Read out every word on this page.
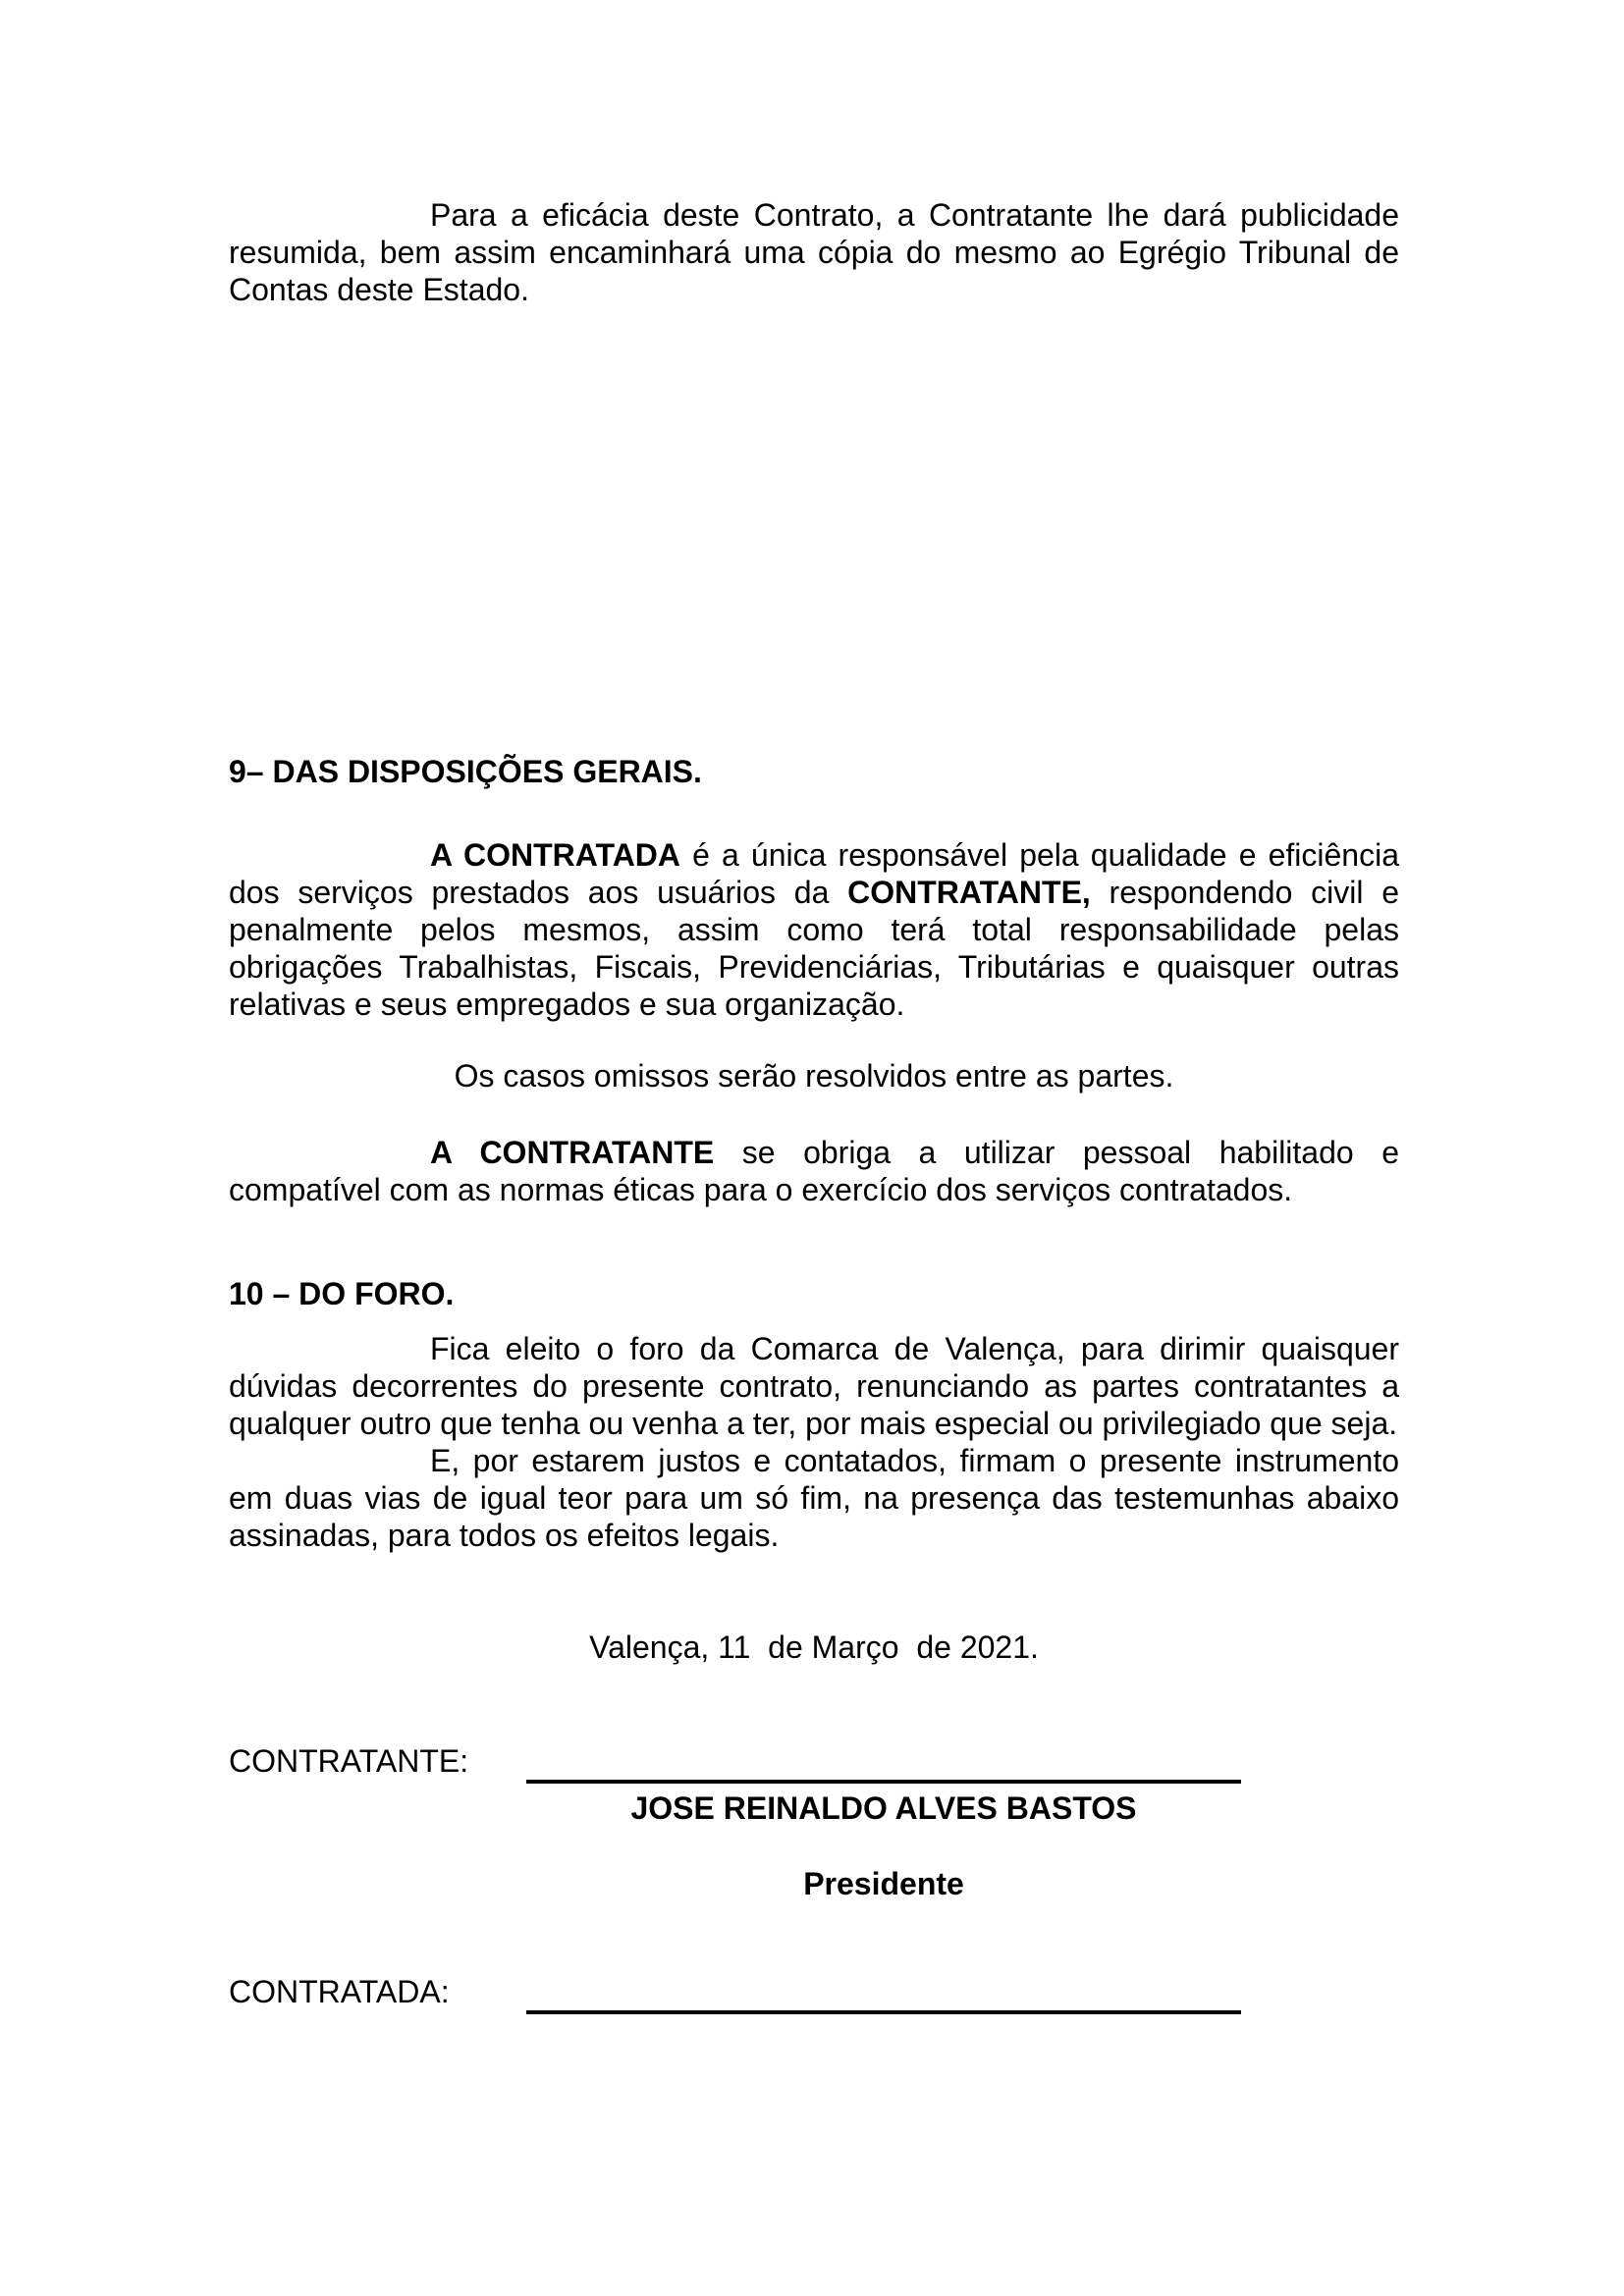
Para a eficácia deste Contrato, a Contratante lhe dará publicidade resumida, bem assim encaminhará uma cópia do mesmo ao Egrégio Tribunal de Contas deste Estado.

9– DAS DISPOSIÇÕES GERAIS.

A CONTRATADA é a única responsável pela qualidade e eficiência dos serviços prestados aos usuários da CONTRATANTE, respondendo civil e penalmente pelos mesmos, assim como terá total responsabilidade pelas obrigações Trabalhistas, Fiscais, Previdenciárias, Tributárias e quaisquer outras relativas e seus empregados e sua organização.

Os casos omissos serão resolvidos entre as partes.

A CONTRATANTE se obriga a utilizar pessoal habilitado e compatível com as normas éticas para o exercício dos serviços contratados.

10 – DO FORO.

Fica eleito o foro da Comarca de Valença, para dirimir quaisquer dúvidas decorrentes do presente contrato, renunciando as partes contratantes a qualquer outro que tenha ou venha a ter, por mais especial ou privilegiado que seja.

E, por estarem justos e contatados, firmam o presente instrumento em duas vias de igual teor para um só fim, na presença das testemunhas abaixo assinadas, para todos os efeitos legais.

Valença, 11  de Março  de 2021.

CONTRATANTE:

JOSE REINALDO ALVES BASTOS

Presidente

CONTRATADA:
